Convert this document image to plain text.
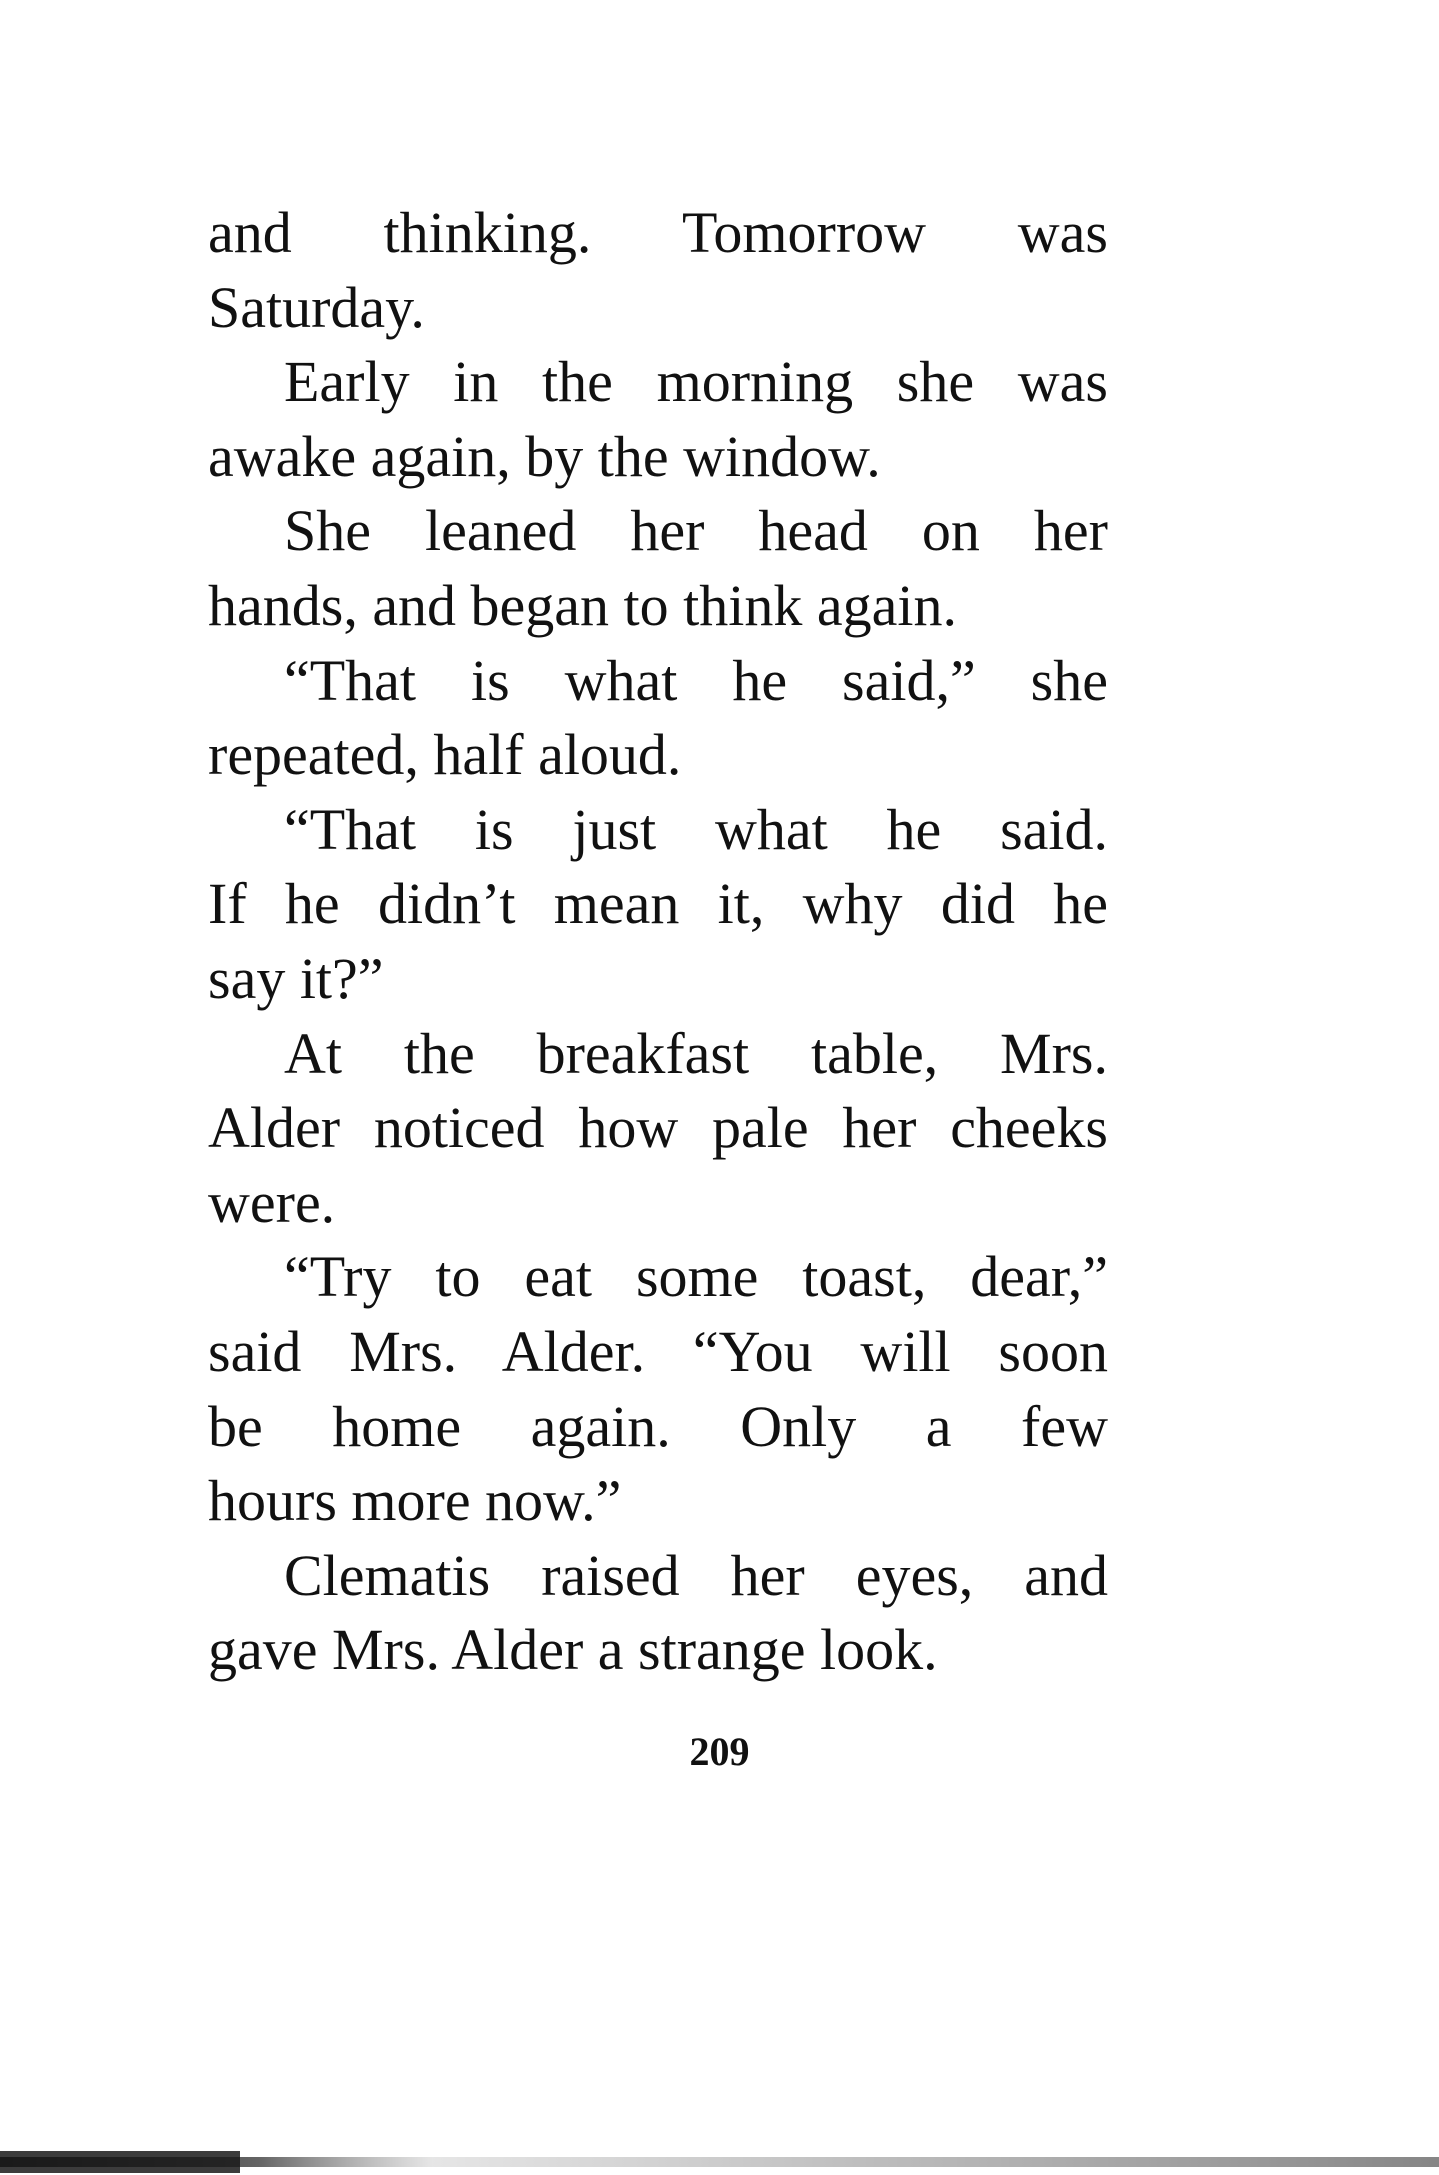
and thinking. Tomorrow was
Saturday.
Early in the morning she was
awake again, by the window.
She leaned her head on her
hands, and began to think again.
“That is what he said,” she
repeated, half aloud.
“That is just what he said.
If he didn’t mean it, why did he
say it?”
At the breakfast table, Mrs.
Alder noticed how pale her cheeks
were.
“Try to eat some toast, dear,”
said Mrs. Alder. “You will soon
be home again. Only a few
hours more now.”
Clematis raised her eyes, and
gave Mrs. Alder a strange look.
209
